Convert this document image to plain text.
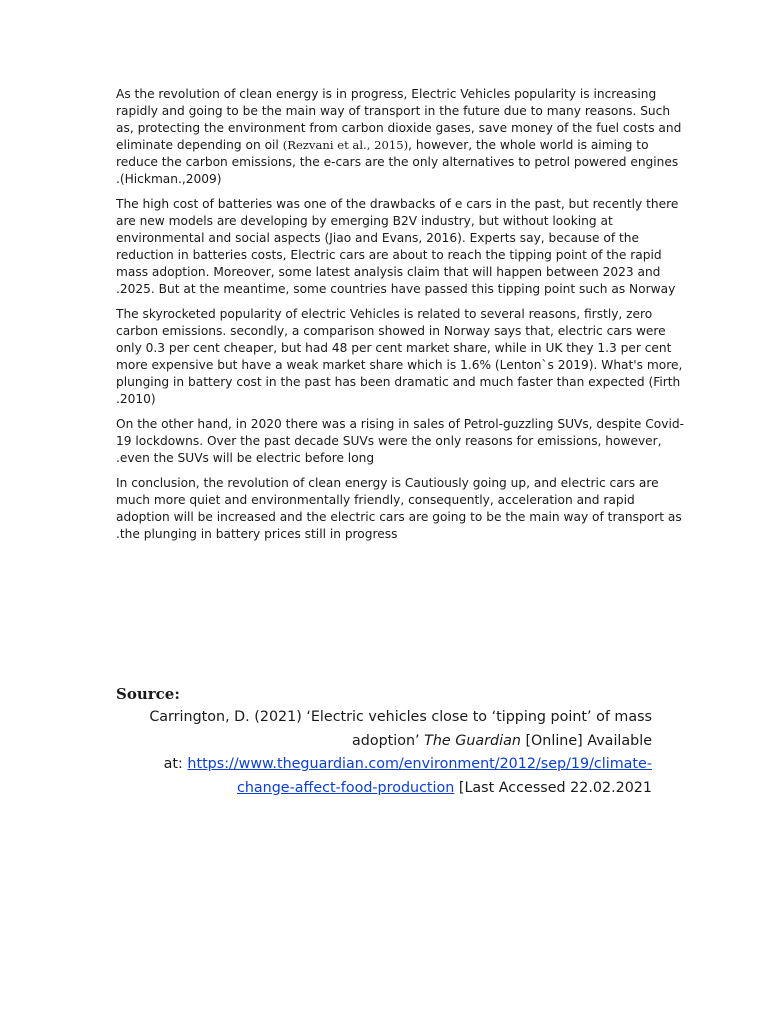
As the revolution of clean energy is in progress, Electric Vehicles popularity is increasing
rapidly and going to be the main way of transport in the future due to many reasons. Such
as, protecting the environment from carbon dioxide gases, save money of the fuel costs and
eliminate depending on oil (Rezvani et al., 2015), however, the whole world is aiming to
reduce the carbon emissions, the e-cars are the only alternatives to petrol powered engines
.(Hickman.,2009)

The high cost of batteries was one of the drawbacks of e cars in the past, but recently there
are new models are developing by emerging B2V industry, but without looking at
environmental and social aspects (Jiao and Evans, 2016). Experts say, because of the
reduction in batteries costs, Electric cars are about to reach the tipping point of the rapid
mass adoption. Moreover, some latest analysis claim that will happen between 2023 and
.2025. But at the meantime, some countries have passed this tipping point such as Norway

The skyrocketed popularity of electric Vehicles is related to several reasons, firstly, zero
carbon emissions. secondly, a comparison showed in Norway says that, electric cars were
only 0.3 per cent cheaper, but had 48 per cent market share, while in UK they 1.3 per cent
more expensive but have a weak market share which is 1.6% (Lenton`s 2019). What's more,
plunging in battery cost in the past has been dramatic and much faster than expected (Firth
.2010)

On the other hand, in 2020 there was a rising in sales of Petrol-guzzling SUVs, despite Covid-
19 lockdowns. Over the past decade SUVs were the only reasons for emissions, however,
.even the SUVs will be electric before long

In conclusion, the revolution of clean energy is Cautiously going up, and electric cars are
much more quiet and environmentally friendly, consequently, acceleration and rapid
adoption will be increased and the electric cars are going to be the main way of transport as
.the plunging in battery prices still in progress

Source:
Carrington, D. (2021) ‘Electric vehicles close to ‘tipping point’ of mass
adoption’ The Guardian [Online] Available
at: https://www.theguardian.com/environment/2012/sep/19/climate-
change-affect-food-production [Last Accessed 22.02.2021
